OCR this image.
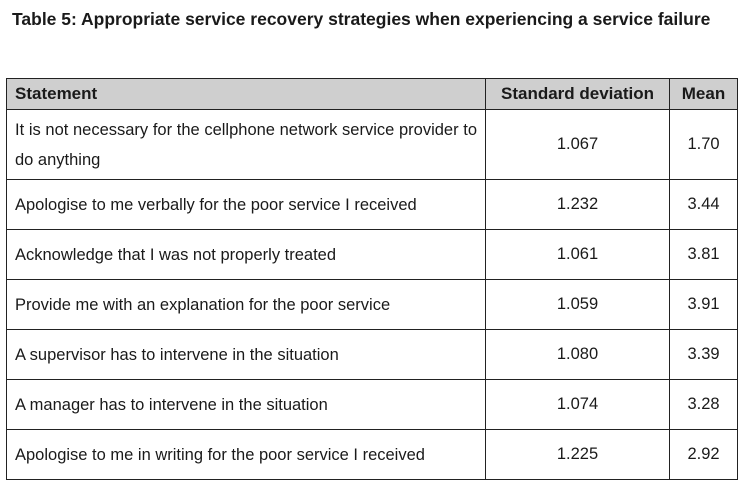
Table 5: Appropriate service recovery strategies when experiencing a service failure

Statement	Standard deviation	Mean
It is not necessary for the cellphone network service provider to do anything	1.067	1.70
Apologise to me verbally for the poor service I received	1.232	3.44
Acknowledge that I was not properly treated	1.061	3.81
Provide me with an explanation for the poor service	1.059	3.91
A supervisor has to intervene in the situation	1.080	3.39
A manager has to intervene in the situation	1.074	3.28
Apologise to me in writing for the poor service I received	1.225	2.92
